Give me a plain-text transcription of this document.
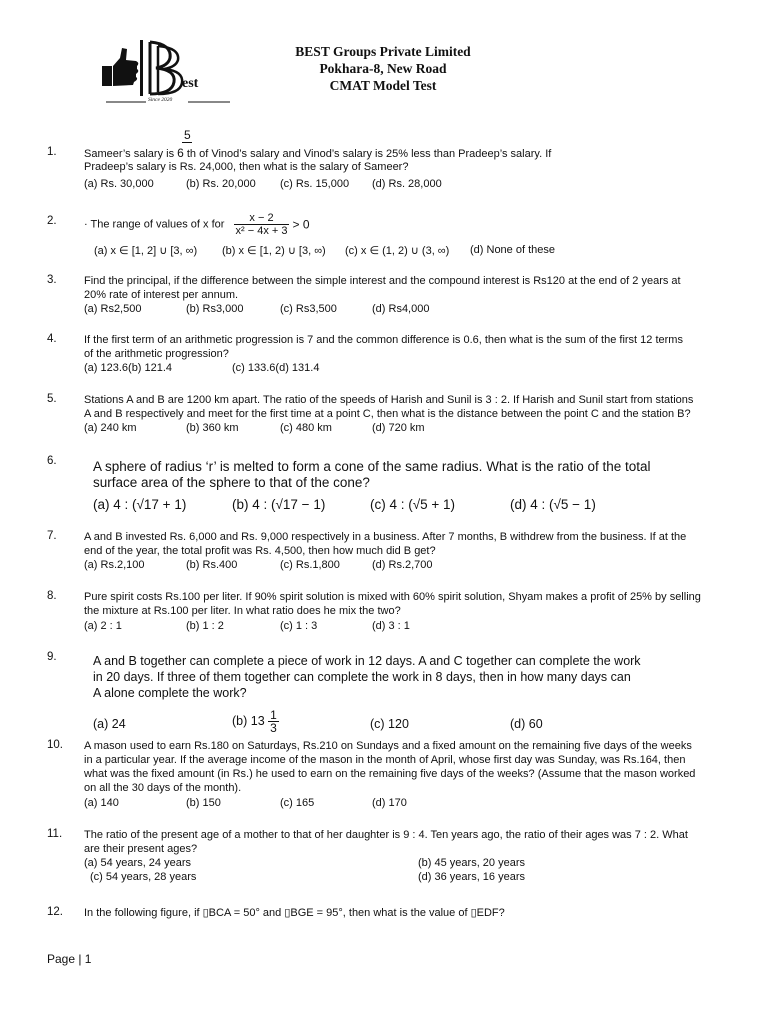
est
Since 2020
BEST Groups Private Limited
Pokhara-8, New Road
CMAT Model Test
1.
5
Sameer’s salary is 6 th of Vinod’s salary and Vinod’s salary is 25% less than Pradeep’s salary. If
Pradeep’s salary is Rs. 24,000, then what is the salary of Sameer?
(a) Rs. 30,000	(b) Rs. 20,000 (c) Rs. 15,000 (d) Rs. 28,000
2. · The range of values of x for $\frac{x - 2}{\text{x² − 4x + 3}} > 0$
(a) x ∈ [1, 2] ∪ [3, ∞) (b) x ∈ [1, 2) ∪ [3, ∞) (c) x ∈ (1, 2) ∪ (3, ∞) (d) None of these
3. Find the principal, if the difference between the simple interest and the compound interest is Rs120 at the end of 2 years at
20% rate of interest per annum.
(a) Rs2,500	(b) Rs3,000	(c) Rs3,500	(d) Rs4,000
4. If the first term of an arithmetic progression is 7 and the common difference is 0.6, then what is the sum of the first 12 terms
of the arithmetic progression?
(a) 123.6(b) 121.4	(c) 133.6(d) 131.4
5. Stations A and B are 1200 km apart. The ratio of the speeds of Harish and Sunil is 3 : 2. If Harish and Sunil start from stations
A and B respectively and meet for the first time at a point C, then what is the distance between the point C and the station B?
(a) 240 km	(b) 360 km	(c) 480 km	(d) 720 km
6.	A sphere of radius ‘r’ is melted to form a cone of the same radius. What is the ratio of the total
surface area of the sphere to that of the cone?
(a) 4 : (√17 + 1)	(b) 4 : (√17 − 1)	(c) 4 : (√5 + 1)	(d) 4 : (√5 − 1)
7. A and B invested Rs. 6,000 and Rs. 9,000 respectively in a business. After 7 months, B withdrew from the business. If at the
end of the year, the total profit was Rs. 4,500, then how much did B get?
(a) Rs.2,100	(b) Rs.400	(c) Rs.1,800	(d) Rs.2,700
8. Pure spirit costs Rs.100 per liter. If 90% spirit solution is mixed with 60% spirit solution, Shyam makes a profit of 25% by selling
the mixture at Rs.100 per liter. In what ratio does he mix the two?
(a) 2 : 1	(b) 1 : 2	(c) 1 : 3	(d) 3 : 1
9.	A and B together can complete a piece of work in 12 days. A and C together can complete the work
in 20 days. If three of them together can complete the work in 8 days, then in how many days can
A alone complete the work?
(a) 24	(b) $13 \frac{1}{3}$	(c) 120	(d) 60
10. A mason used to earn Rs.180 on Saturdays, Rs.210 on Sundays and a fixed amount on the remaining five days of the weeks
in a particular year. If the average income of the mason in the month of April, whose first day was Sunday, was Rs.164, then
what was the fixed amount (in Rs.) he used to earn on the remaining five days of the weeks? (Assume that the mason worked
on all the 30 days of the month).
(a) 140	(b) 150	(c) 165	(d) 170
11. The ratio of the present age of a mother to that of her daughter is 9 : 4. Ten years ago, the ratio of their ages was 7 : 2. What
are their present ages?
(a) 54 years, 24 years	(b) 45 years, 20 years
(c) 54 years, 28 years	(d) 36 years, 16 years
12. In the following figure, if ▯BCA = 50° and ▯BGE = 95°, then what is the value of ▯EDF?
Page | 1
